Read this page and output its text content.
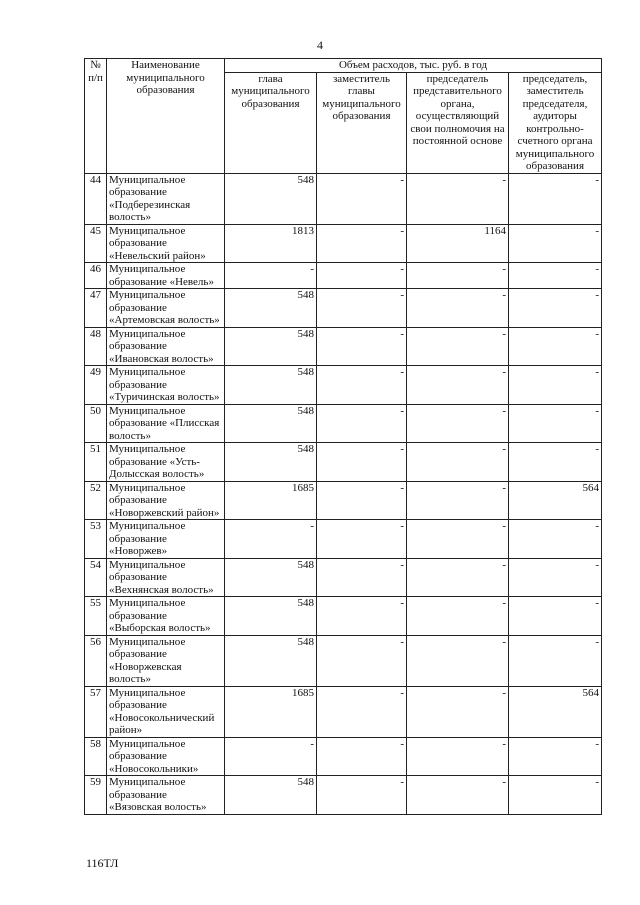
4
№ п/п	Наименование муниципального образования	Объем расходов, тыс. руб. в год			
		глава муниципального образования	заместитель главы муниципального образования	председатель представительного органа, осуществляющий свои полномочия на постоянной основе	председатель, заместитель председателя, аудиторы контрольно-счетного органа муниципального образования
44	Муниципальное образование «Подберезинская волость»	548	-	-	-
45	Муниципальное образование «Невельский район»	1813	-	1164	-
46	Муниципальное образование «Невель»	-	-	-	-
47	Муниципальное образование «Артемовская волость»	548	-	-	-
48	Муниципальное образование «Ивановская волость»	548	-	-	-
49	Муниципальное образование «Туричинская волость»	548	-	-	-
50	Муниципальное образование «Плисская волость»	548	-	-	-
51	Муниципальное образование «Усть-Долысская волость»	548	-	-	-
52	Муниципальное образование «Новоржевский район»	1685	-	-	564
53	Муниципальное образование «Новоржев»	-	-	-	-
54	Муниципальное образование «Вехнянская волость»	548	-	-	-
55	Муниципальное образование «Выборская волость»	548	-	-	-
56	Муниципальное образование «Новоржевская волость»	548	-	-	-
57	Муниципальное образование «Новосокольнический район»	1685	-	-	564
58	Муниципальное образование «Новосокольники»	-	-	-	-
59	Муниципальное образование «Вязовская волость»	548	-	-	-
116ТЛ
